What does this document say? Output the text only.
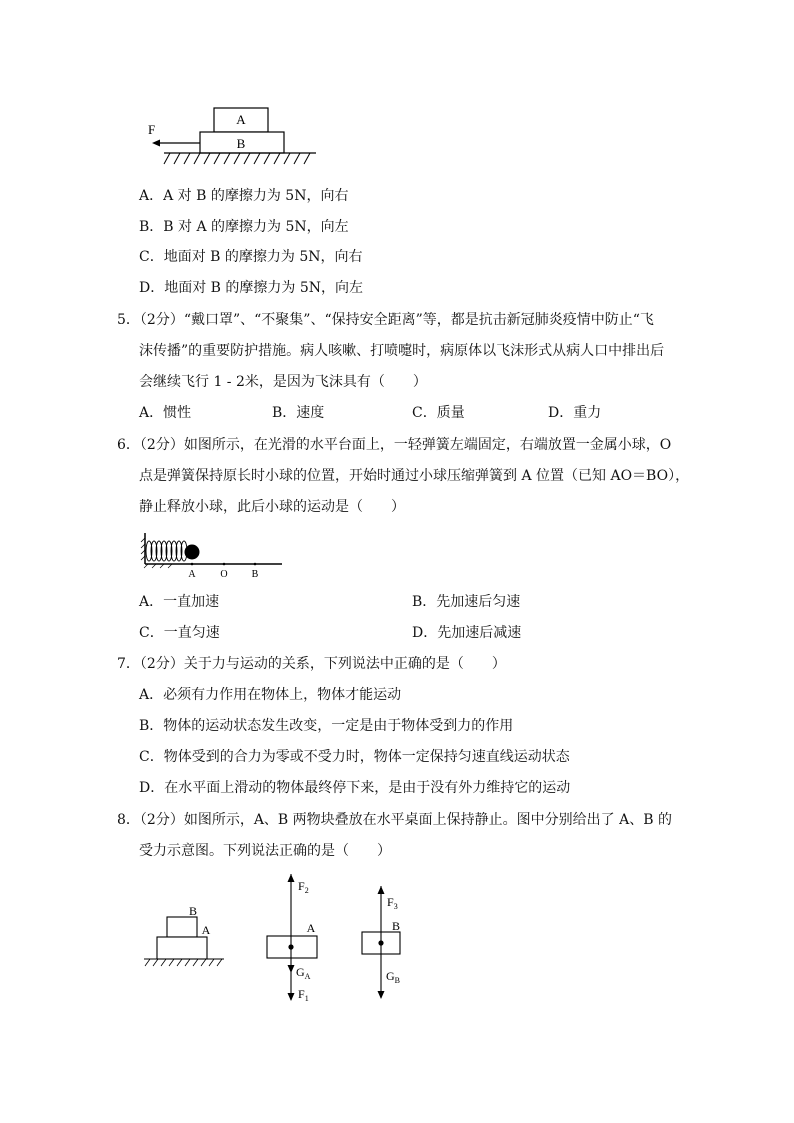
A
B
F
A．A 对 B 的摩擦力为 5N，向右
B．B 对 A 的摩擦力为 5N，向左
C．地面对 B 的摩擦力为 5N，向右
D．地面对 B 的摩擦力为 5N，向左
5．（2分）“戴口罩”、“不聚集”、“保持安全距离”等，都是抗击新冠肺炎疫情中防止“飞
沫传播”的重要防护措施。病人咳嗽、打喷嚏时，病原体以飞沫形式从病人口中排出后
会继续飞行 1 - 2米，是因为飞沫具有（　　）
A．惯性	B．速度	C．质量	D．重力
6．（2分）如图所示，在光滑的水平台面上，一轻弹簧左端固定，右端放置一金属小球，O
点是弹簧保持原长时小球的位置，开始时通过小球压缩弹簧到 A 位置（已知 AO＝BO），
静止释放小球，此后小球的运动是（　　）
A O B
A．一直加速	B．先加速后匀速
C．一直匀速	D．先加速后减速
7．（2分）关于力与运动的关系，下列说法中正确的是（　　）
A．必须有力作用在物体上，物体才能运动
B．物体的运动状态发生改变，一定是由于物体受到力的作用
C．物体受到的合力为零或不受力时，物体一定保持匀速直线运动状态
D．在水平面上滑动的物体最终停下来，是由于没有外力维持它的运动
8．（2分）如图所示，A、B 两物块叠放在水平桌面上保持静止。图中分别给出了 A、B 的
受力示意图。下列说法正确的是（　　）
B
A
$F_2$
A
$G_A$
$F_1$
$F_3$
B
$G_B$
